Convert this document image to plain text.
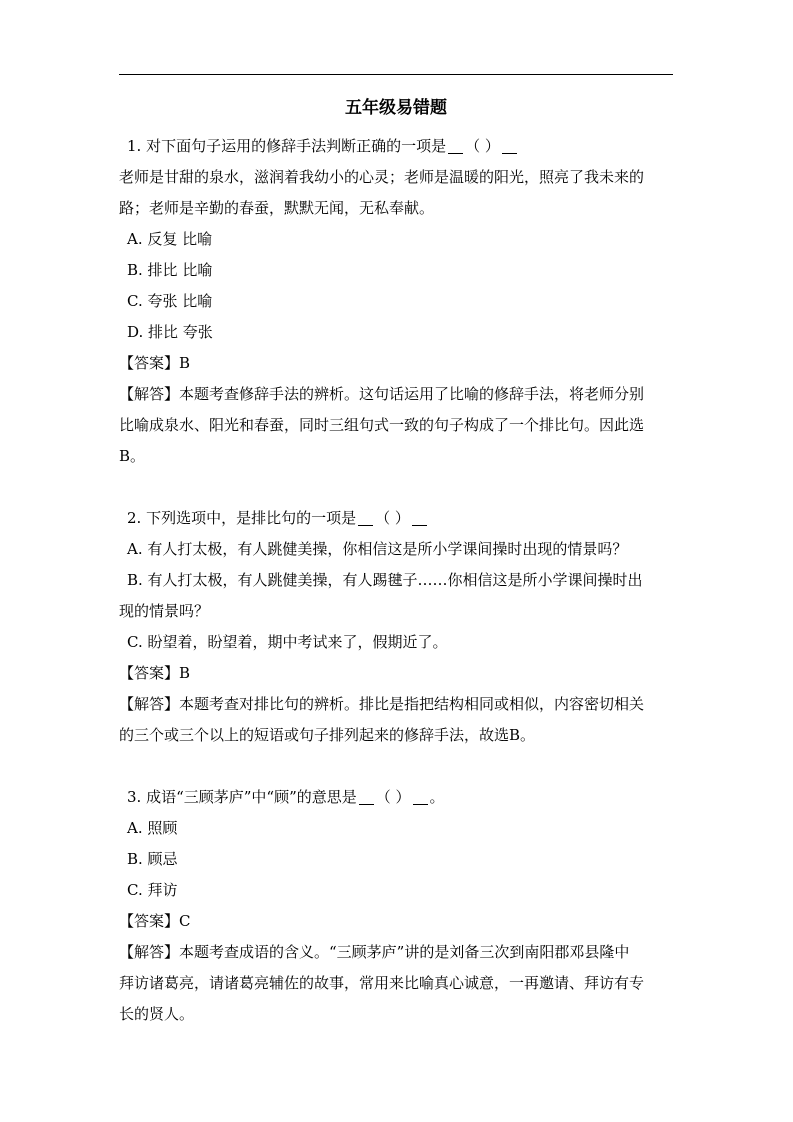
五年级易错题
1. 对下面句子运用的修辞手法判断正确的一项是 （ ）
老师是甘甜的泉水，滋润着我幼小的心灵；老师是温暖的阳光，照亮了我未来的
路；老师是辛勤的春蚕，默默无闻，无私奉献。
A. 反复 比喻
B. 排比 比喻
C. 夸张 比喻
D. 排比 夸张
【答案】B
【解答】本题考查修辞手法的辨析。这句话运用了比喻的修辞手法，将老师分别
比喻成泉水、阳光和春蚕，同时三组句式一致的句子构成了一个排比句。因此选
B。
2. 下列选项中，是排比句的一项是 （ ）
A. 有人打太极，有人跳健美操，你相信这是所小学课间操时出现的情景吗？
B. 有人打太极，有人跳健美操，有人踢毽子……你相信这是所小学课间操时出
现的情景吗？
C. 盼望着，盼望着，期中考试来了，假期近了。
【答案】B
【解答】本题考查对排比句的辨析。排比是指把结构相同或相似，内容密切相关
的三个或三个以上的短语或句子排列起来的修辞手法，故选B。
3. 成语“三顾茅庐”中“顾”的意思是 （ ） 。
A. 照顾
B. 顾忌
C. 拜访
【答案】C
【解答】本题考查成语的含义。“三顾茅庐”讲的是刘备三次到南阳郡邓县隆中
拜访诸葛亮，请诸葛亮辅佐的故事，常用来比喻真心诚意，一再邀请、拜访有专
长的贤人。
